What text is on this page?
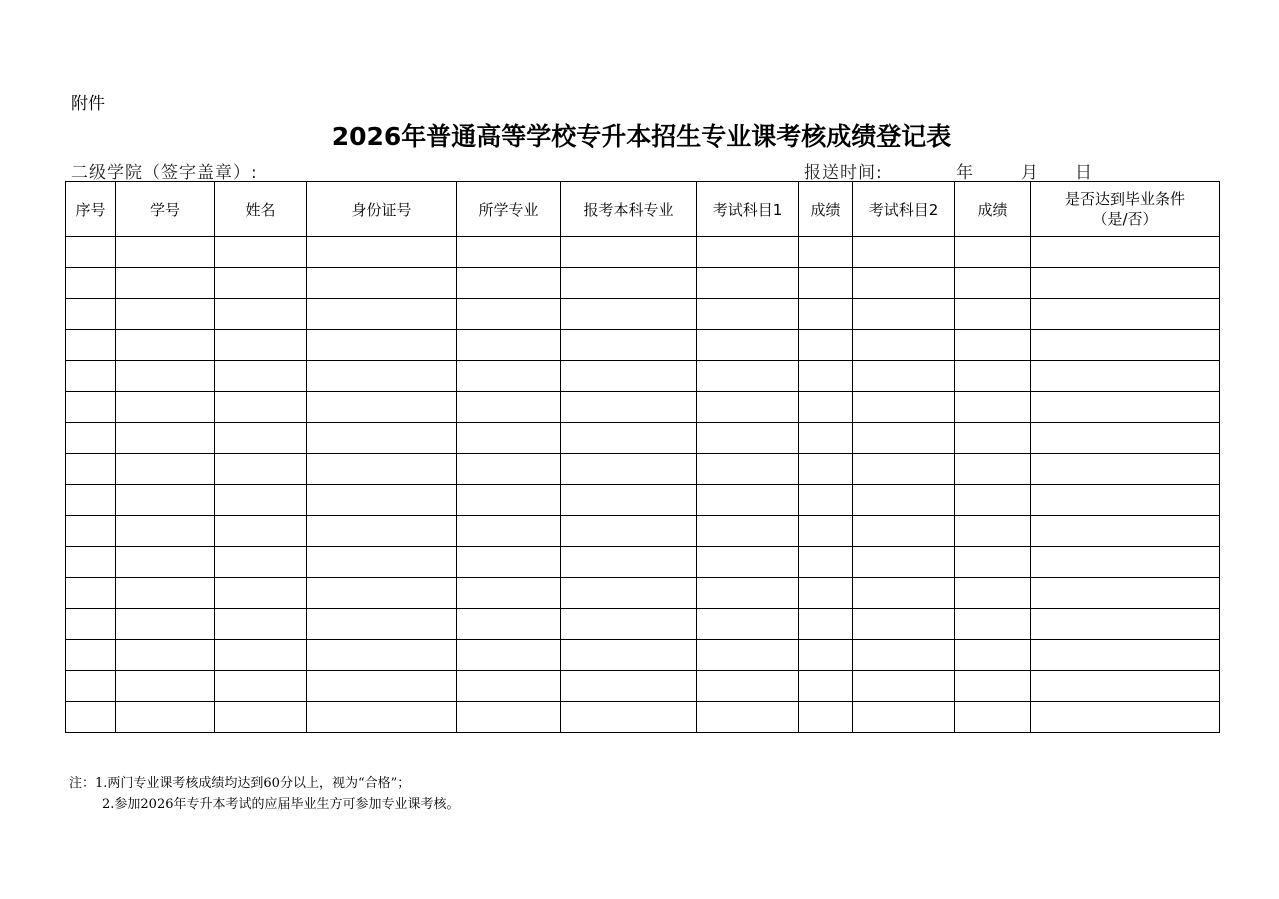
附件
2026年普通高等学校专升本招生专业课考核成绩登记表
二级学院（签字盖章）:	报送时间:	年	月 日
序号	学号	姓名	身份证号	所学专业	报考本科专业	考试科目1	成绩	考试科目2	成绩	是否达到毕业条件
（是/否）

注：1.两门专业课考核成绩均达到60分以上，视为“合格”；
2.参加2026年专升本考试的应届毕业生方可参加专业课考核。
